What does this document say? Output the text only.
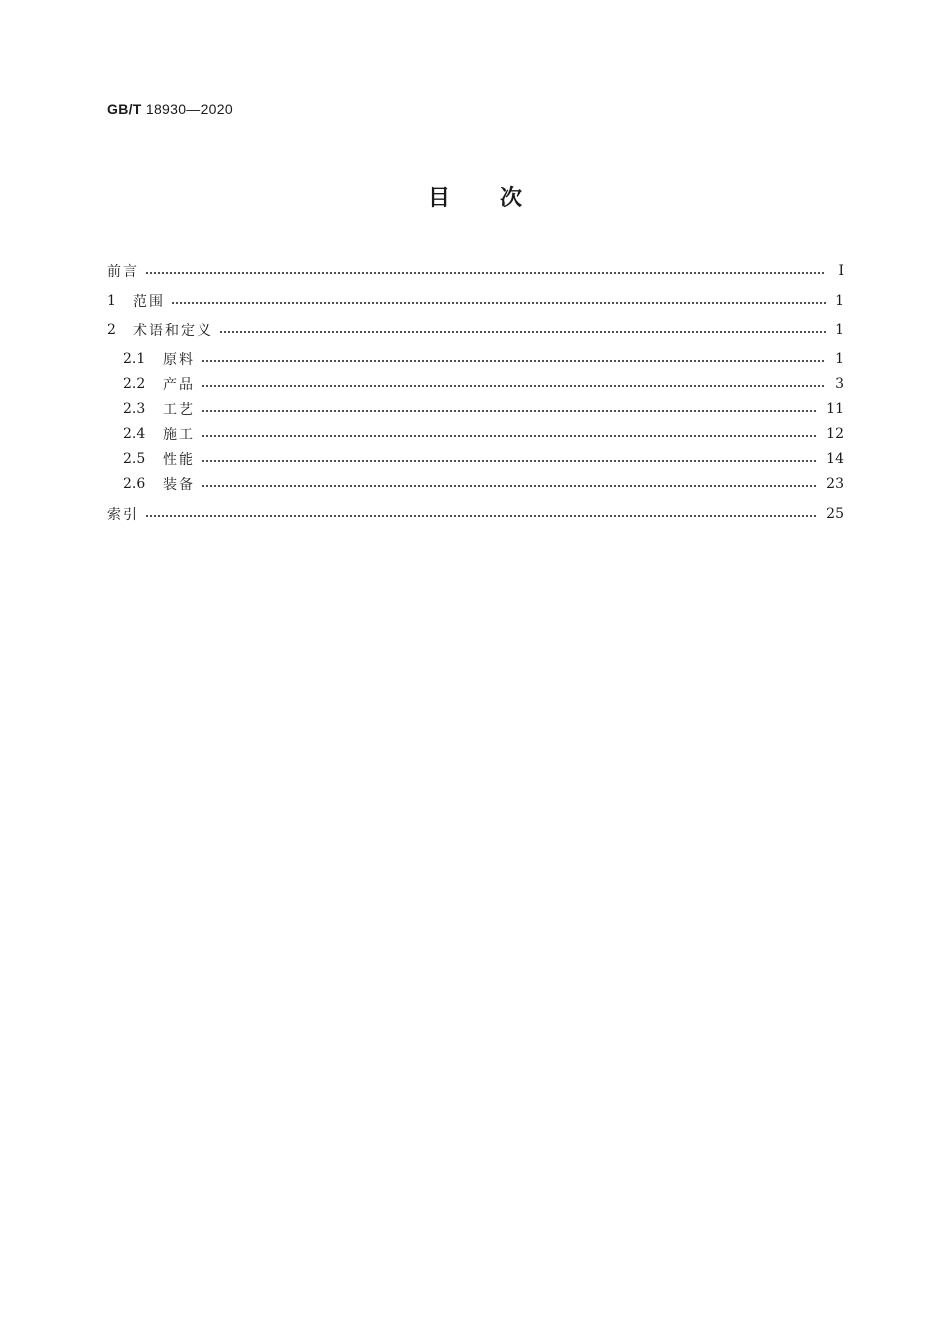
GB/T 18930—2020
目 次
前言	Ⅰ
1	范围	1
2	术语和定义	1
2.1	原料	1
2.2	产品	3
2.3	工艺	11
2.4	施工	12
2.5	性能	14
2.6	装备	23
索引	25
